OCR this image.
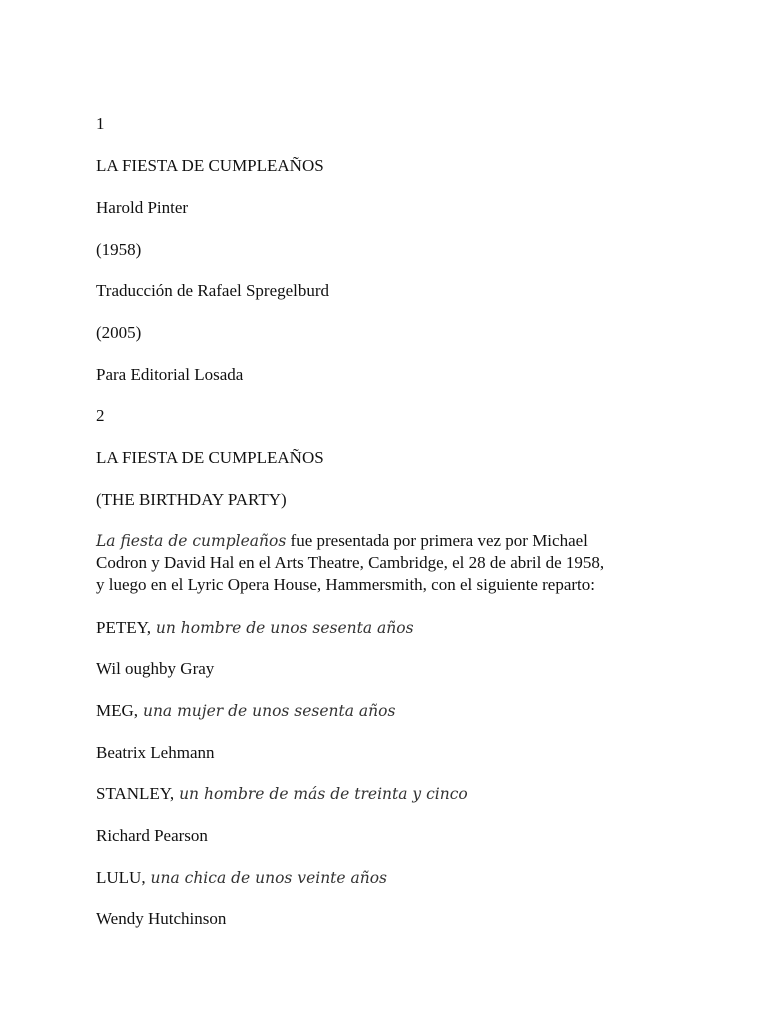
1
LA FIESTA DE CUMPLEAÑOS
Harold Pinter
(1958)
Traducción de Rafael Spregelburd
(2005)
Para Editorial Losada
2
LA FIESTA DE CUMPLEAÑOS
(THE BIRTHDAY PARTY)
La fiesta de cumpleaños fue presentada por primera vez por Michael
Codron y David Hal en el Arts Theatre, Cambridge, el 28 de abril de 1958,
y luego en el Lyric Opera House, Hammersmith, con el siguiente reparto:
PETEY, un hombre de unos sesenta años
Wil oughby Gray
MEG, una mujer de unos sesenta años
Beatrix Lehmann
STANLEY, un hombre de más de treinta y cinco
Richard Pearson
LULU, una chica de unos veinte años
Wendy Hutchinson
